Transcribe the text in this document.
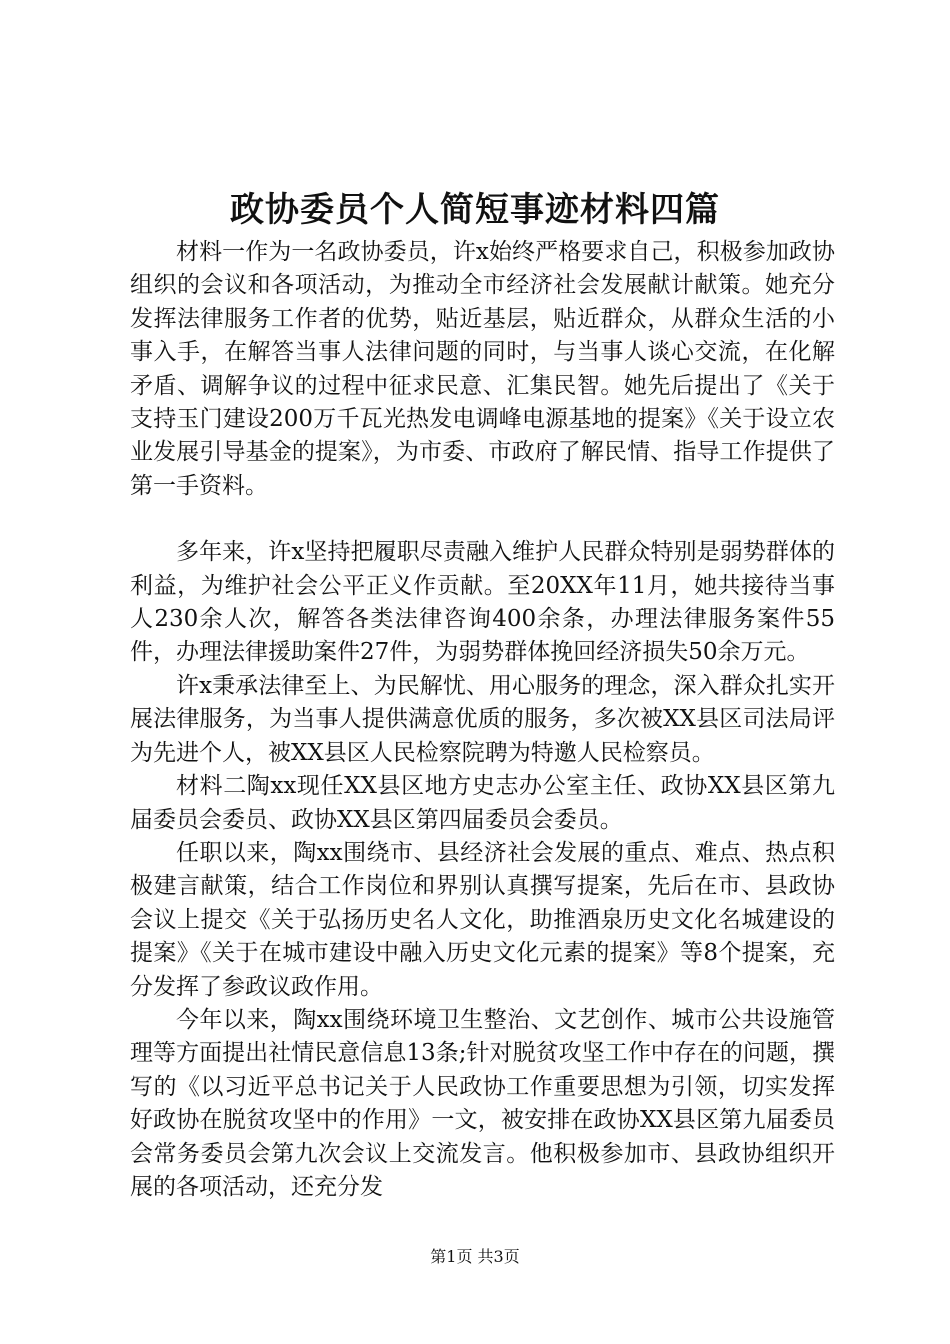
政协委员个人简短事迹材料四篇

材料一作为一名政协委员，许x始终严格要求自己，积极参加政协组织的会议和各项活动，为推动全市经济社会发展献计献策。她充分发挥法律服务工作者的优势，贴近基层，贴近群众，从群众生活的小事入手，在解答当事人法律问题的同时，与当事人谈心交流，在化解矛盾、调解争议的过程中征求民意、汇集民智。她先后提出了《关于支持玉门建设200万千瓦光热发电调峰电源基地的提案》《关于设立农业发展引导基金的提案》，为市委、市政府了解民情、指导工作提供了第一手资料。

多年来，许x坚持把履职尽责融入维护人民群众特别是弱势群体的利益，为维护社会公平正义作贡献。至20XX年11月，她共接待当事人230余人次，解答各类法律咨询400余条，办理法律服务案件55件，办理法律援助案件27件，为弱势群体挽回经济损失50余万元。

许x秉承法律至上、为民解忧、用心服务的理念，深入群众扎实开展法律服务，为当事人提供满意优质的服务，多次被XX县区司法局评为先进个人，被XX县区人民检察院聘为特邀人民检察员。

材料二陶xx现任XX县区地方史志办公室主任、政协XX县区第九届委员会委员、政协XX县区第四届委员会委员。

任职以来，陶xx围绕市、县经济社会发展的重点、难点、热点积极建言献策，结合工作岗位和界别认真撰写提案，先后在市、县政协会议上提交《关于弘扬历史名人文化，助推酒泉历史文化名城建设的提案》《关于在城市建设中融入历史文化元素的提案》等8个提案，充分发挥了参政议政作用。

今年以来，陶xx围绕环境卫生整治、文艺创作、城市公共设施管理等方面提出社情民意信息13条;针对脱贫攻坚工作中存在的问题，撰写的《以习近平总书记关于人民政协工作重要思想为引领，切实发挥好政协在脱贫攻坚中的作用》一文，被安排在政协XX县区第九届委员会常务委员会第九次会议上交流发言。他积极参加市、县政协组织开展的各项活动，还充分发

第1页 共3页
